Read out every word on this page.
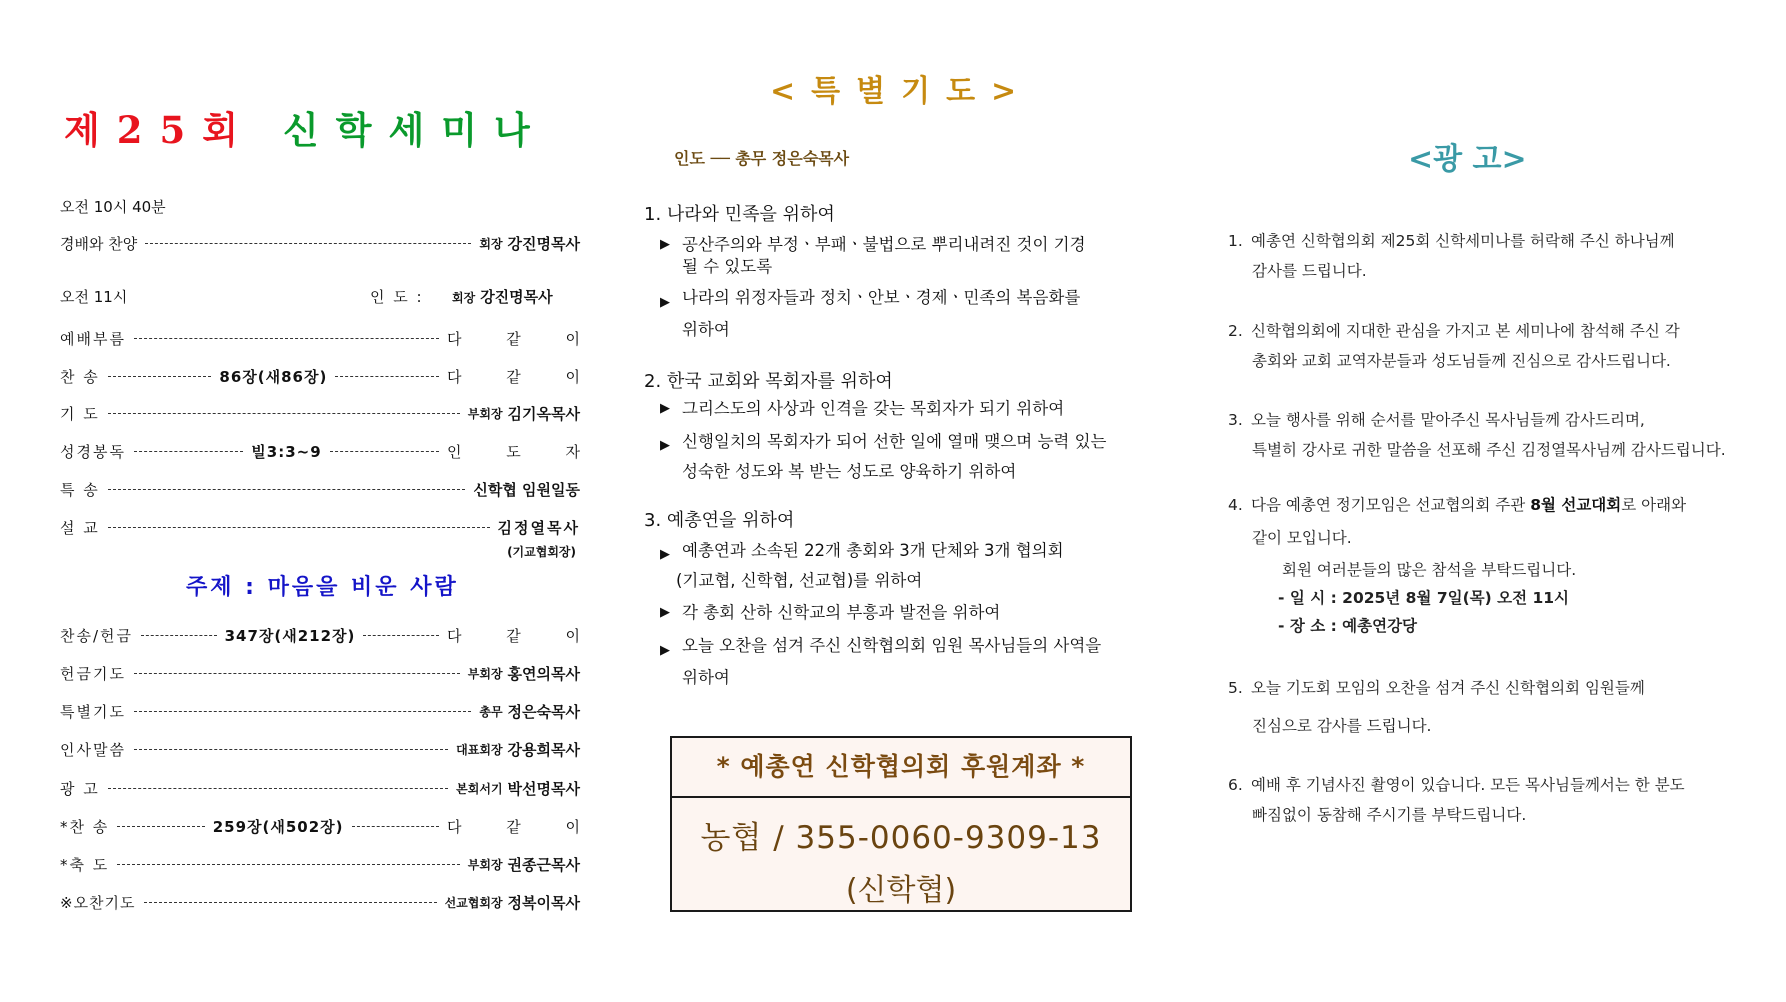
제25회 신학세미나
오전 10시 40분
경배와 찬양	회장 강진명목사
오전 11시	인 도 : 회장 강진명목사
예배부름	다 같 이
찬 송	86장(새86장)	다 같 이
기 도	부회장 김기옥목사
성경봉독	빌3:3~9	인 도 자
특 송	신학협 임원일동
설 교	김정열목사
(기교협회장)
주제 : 마음을 비운 사람
찬송/헌금	347장(새212장)	다 같 이
헌금기도	부회장 홍연의목사
특별기도	총무 정은숙목사
인사말씀	대표회장 강용희목사
광 고	본회서기 박선명목사
*찬 송	259장(새502장)	다 같 이
*축 도	부회장 권종근목사
※오찬기도	선교협회장 정복이목사
<특별기도>
인도 ── 총무 정은숙목사
1. 나라와 민족을 위하여
▶ 공산주의와 부정ㆍ부패ㆍ불법으로 뿌리내려진 것이 기경
될 수 있도록
▶ 나라의 위정자들과 정치ㆍ안보ㆍ경제ㆍ민족의 복음화를
위하여
2. 한국 교회와 목회자를 위하여
▶ 그리스도의 사상과 인격을 갖는 목회자가 되기 위하여
▶ 신행일치의 목회자가 되어 선한 일에 열매 맺으며 능력 있는
성숙한 성도와 복 받는 성도로 양육하기 위하여
3. 예총연을 위하여
▶ 예총연과 소속된 22개 총회와 3개 단체와 3개 협의회
(기교협, 신학협, 선교협)를 위하여
▶ 각 총회 산하 신학교의 부흥과 발전을 위하여
▶ 오늘 오찬을 섬겨 주신 신학협의회 임원 목사님들의 사역을
위하여
* 예총연 신학협의회 후원계좌 *
농협 / 355-0060-9309-13
(신학협)
<광 고>
1. 예총연 신학협의회 제25회 신학세미나를 허락해 주신 하나님께
감사를 드립니다.
2. 신학협의회에 지대한 관심을 가지고 본 세미나에 참석해 주신 각
총회와 교회 교역자분들과 성도님들께 진심으로 감사드립니다.
3. 오늘 행사를 위해 순서를 맡아주신 목사님들께 감사드리며,
특별히 강사로 귀한 말씀을 선포해 주신 김정열목사님께 감사드립니다.
4. 다음 예총연 정기모임은 선교협의회 주관 8월 선교대회로 아래와
같이 모입니다.
회원 여러분들의 많은 참석을 부탁드립니다.
- 일 시 : 2025년 8월 7일(목) 오전 11시
- 장 소 : 예총연강당
5. 오늘 기도회 모임의 오찬을 섬겨 주신 신학협의회 임원들께
진심으로 감사를 드립니다.
6. 예배 후 기념사진 촬영이 있습니다. 모든 목사님들께서는 한 분도
빠짐없이 동참해 주시기를 부탁드립니다.
